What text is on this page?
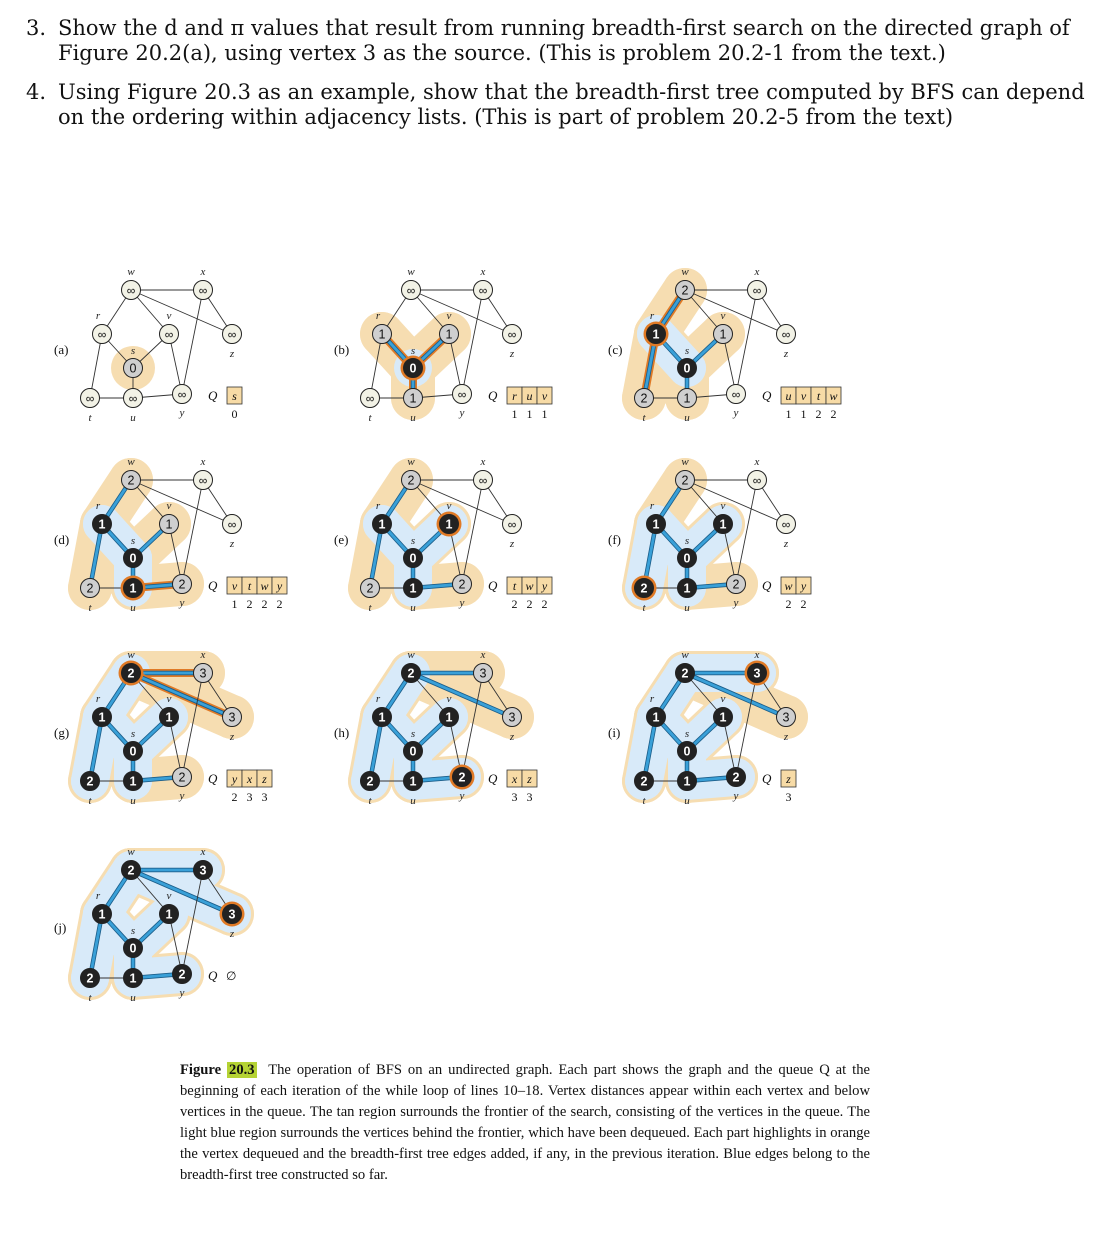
3. Show the d and π values that result from running breadth-first search on the directed graph of Figure 20.2(a), using vertex 3 as the source. (This is problem 20.2-1 from the text.)
4. Using Figure 20.3 as an example, show that the breadth-first tree computed by BFS can depend on the ordering within adjacency lists. (This is part of problem 20.2-5 from the text)
∞
r
0
s
∞
t
∞
u
∞
v
∞
w
∞
x
∞
y
∞
z
(a)
Q s
0
1
r
0
s
∞
t
1
u
1
v
∞
w
∞
x
∞
y
∞
z
(b)
Q r
1
u
1
v
1
1
r
0
s
2
t
1
u
1
v
2
w
∞
x
∞
y
∞
z
(c)
Q u
1
v
1
t
2
w
2
1
r
0
s
2
t
1
u
1
v
2
w
∞
x
2
y
∞
z
(d)
Q v
1
t
2
w
2
y
2
1
r
0
s
2
t
1
u
1
v
2
w
∞
x
2
y
∞
z
(e)
Q t
2
w
2
y
2
1
r
0
s
2
t
1
u
1
v
2
w
∞
x
2
y
∞
z
(f)
Q w
2
y
2
1
r
0
s
2
t
1
u
1
v
2
w
3
x
2
y
3
z
(g)
Q y
2
x
3
z
3
1
r
0
s
2
t
1
u
1
v
2
w
3
x
2
y
3
z
(h)
Q x
3
z
3
1
r
0
s
2
t
1
u
1
v
2
w
3
x
2
y
3
z
(i)
Q z
3
1
r
0
s
2
t
1
u
1
v
2
w
3
x
2
y
3
z
(j)
Q ∅
Figure 20.3 The operation of BFS on an undirected graph. Each part shows the graph and the queue Q at the beginning of each iteration of the while loop of lines 10–18. Vertex distances appear within each vertex and below vertices in the queue. The tan region surrounds the frontier of the search, consisting of the vertices in the queue. The light blue region surrounds the vertices behind the frontier, which have been dequeued. Each part highlights in orange the vertex dequeued and the breadth-first tree edges added, if any, in the previous iteration. Blue edges belong to the breadth-first tree constructed so far.
